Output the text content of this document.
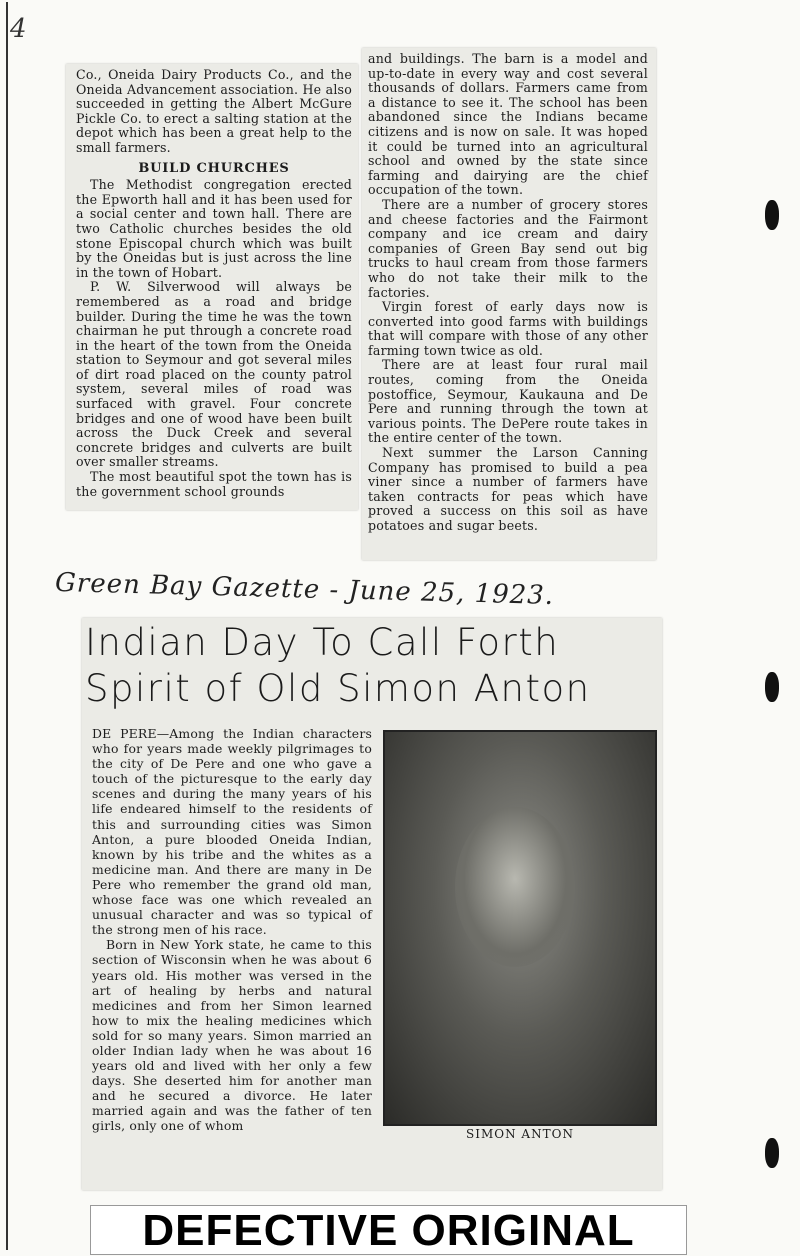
4

Co., Oneida Dairy Products Co., and the Oneida Advancement association. He also succeeded in getting the Albert McGure Pickle Co. to erect a salting station at the depot which has been a great help to the small farmers.

BUILD CHURCHES

The Methodist congregation erected the Epworth hall and it has been used for a social center and town hall. There are two Catholic churches besides the old stone Episcopal church which was built by the Oneidas but is just across the line in the town of Hobart.

P. W. Silverwood will always be remembered as a road and bridge builder. During the time he was the town chairman he put through a concrete road in the heart of the town from the Oneida station to Seymour and got several miles of dirt road placed on the county patrol system, several miles of road was surfaced with gravel. Four concrete bridges and one of wood have been built across the Duck Creek and several concrete bridges and culverts are built over smaller streams.

The most beautiful spot the town has is the government school grounds

and buildings. The barn is a model and up-to-date in every way and cost several thousands of dollars. Farmers came from a distance to see it. The school has been abandoned since the Indians became citizens and is now on sale. It was hoped it could be turned into an agricultural school and owned by the state since farming and dairying are the chief occupation of the town.

There are a number of grocery stores and cheese factories and the Fairmont company and ice cream and dairy companies of Green Bay send out big trucks to haul cream from those farmers who do not take their milk to the factories.

Virgin forest of early days now is converted into good farms with buildings that will compare with those of any other farming town twice as old.

There are at least four rural mail routes, coming from the Oneida postoffice, Seymour, Kaukauna and De Pere and running through the town at various points. The DePere route takes in the entire center of the town.

Next summer the Larson Canning Company has promised to build a pea viner since a number of farmers have taken contracts for peas which have proved a success on this soil as have potatoes and sugar beets.

Green Bay Gazette - June 25, 1923.
Indian Day To Call Forth
Spirit of Old Simon Anton

DE PERE—Among the Indian characters who for years made weekly pilgrimages to the city of De Pere and one who gave a touch of the picturesque to the early day scenes and during the many years of his life endeared himself to the residents of this and surrounding cities was Simon Anton, a pure blooded Oneida Indian, known by his tribe and the whites as a medicine man. And there are many in De Pere who remember the grand old man, whose face was one which revealed an unusual character and was so typical of the strong men of his race.

Born in New York state, he came to this section of Wisconsin when he was about 6 years old. His mother was versed in the art of healing by herbs and natural medicines and from her Simon learned how to mix the healing medicines which sold for so many years. Simon married an older Indian lady when he was about 16 years old and lived with her only a few days. She deserted him for another man and he secured a divorce. He later married again and was the father of ten girls, only one of whom

SIMON ANTON
DEFECTIVE ORIGINAL
